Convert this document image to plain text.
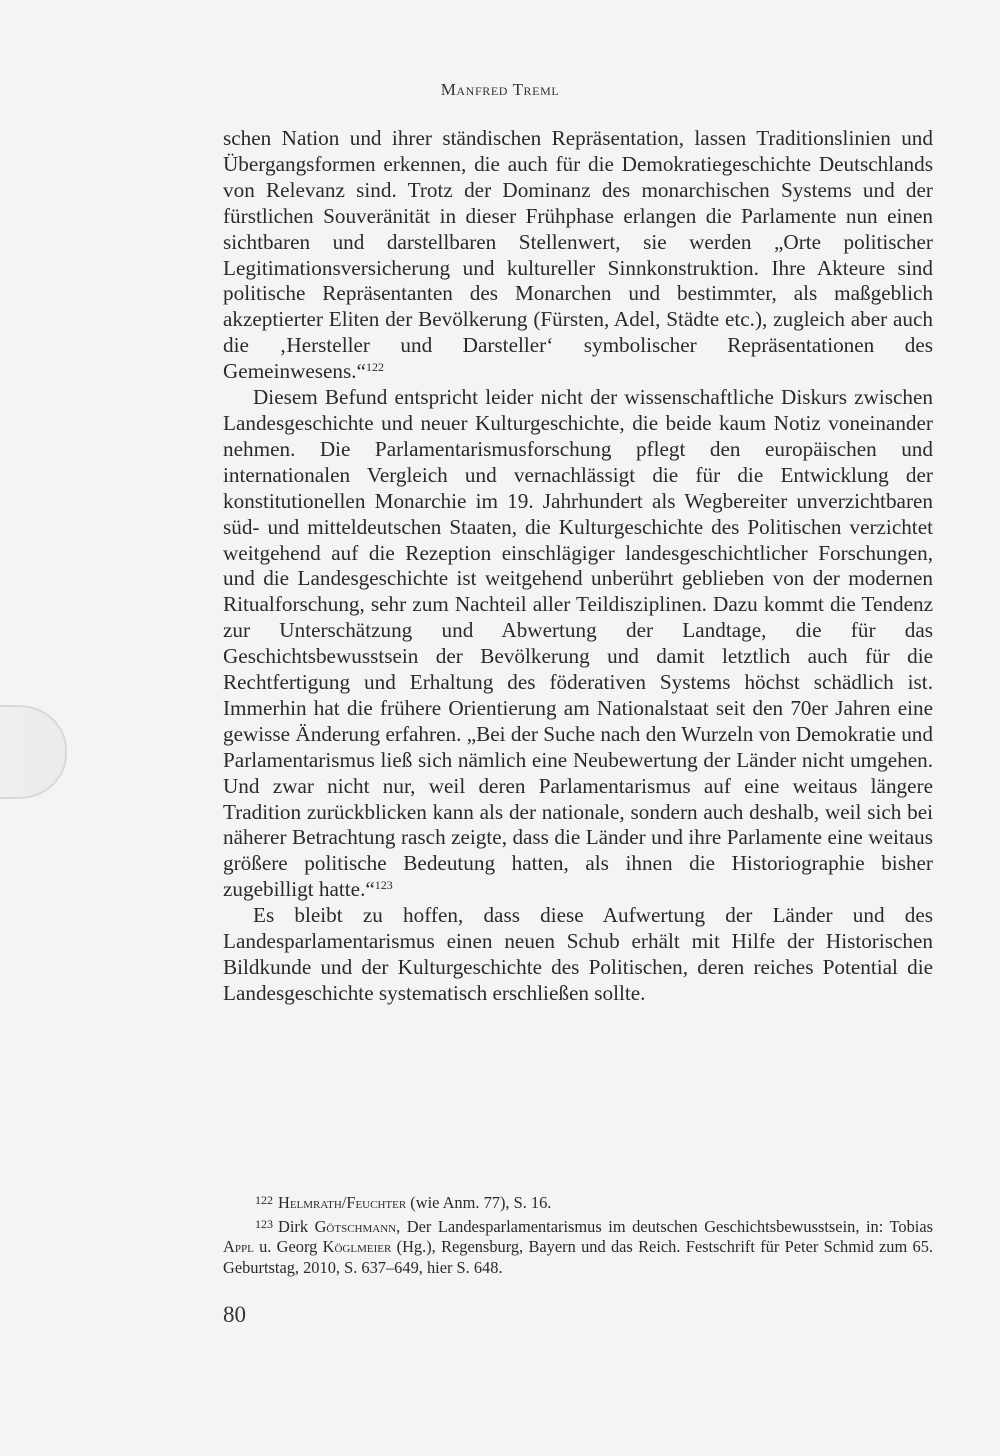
Manfred Treml

schen Nation und ihrer ständischen Repräsentation, lassen Traditionslinien und Übergangsformen erkennen, die auch für die Demokratiegeschichte Deutschlands von Relevanz sind. Trotz der Dominanz des monarchischen Systems und der fürstlichen Souveränität in dieser Frühphase erlangen die Parlamente nun einen sichtbaren und darstellbaren Stellenwert, sie werden „Orte politischer Legitimationsversicherung und kultureller Sinnkonstruktion. Ihre Akteure sind politische Repräsentanten des Monarchen und bestimmter, als maßgeblich akzeptierter Eliten der Bevölkerung (Fürsten, Adel, Städte etc.), zugleich aber auch die ‚Hersteller und Darsteller‘ symbolischer Repräsentationen des Gemeinwesens.“$^{122}$

Diesem Befund entspricht leider nicht der wissenschaftliche Diskurs zwischen Landesgeschichte und neuer Kulturgeschichte, die beide kaum Notiz voneinander nehmen. Die Parlamentarismusforschung pflegt den europäischen und internationalen Vergleich und vernachlässigt die für die Entwicklung der konstitutionellen Monarchie im 19. Jahrhundert als Wegbereiter unverzichtbaren süd- und mitteldeutschen Staaten, die Kulturgeschichte des Politischen verzichtet weitgehend auf die Rezeption einschlägiger landesgeschichtlicher Forschungen, und die Landesgeschichte ist weitgehend unberührt geblieben von der modernen Ritualforschung, sehr zum Nachteil aller Teildisziplinen. Dazu kommt die Tendenz zur Unterschätzung und Abwertung der Landtage, die für das Geschichtsbewusstsein der Bevölkerung und damit letztlich auch für die Rechtfertigung und Erhaltung des föderativen Systems höchst schädlich ist. Immerhin hat die frühere Orientierung am Nationalstaat seit den 70er Jahren eine gewisse Änderung erfahren. „Bei der Suche nach den Wurzeln von Demokratie und Parlamentarismus ließ sich nämlich eine Neubewertung der Länder nicht umgehen. Und zwar nicht nur, weil deren Parlamentarismus auf eine weitaus längere Tradition zurückblicken kann als der nationale, sondern auch deshalb, weil sich bei näherer Betrachtung rasch zeigte, dass die Länder und ihre Parlamente eine weitaus größere politische Bedeutung hatten, als ihnen die Historiographie bisher zugebilligt hatte.“$^{123}$

Es bleibt zu hoffen, dass diese Aufwertung der Länder und des Landesparlamentarismus einen neuen Schub erhält mit Hilfe der Historischen Bildkunde und der Kulturgeschichte des Politischen, deren reiches Potential die Landesgeschichte systematisch erschließen sollte.

$^{122}$ Helmrath/Feuchter (wie Anm. 77), S. 16.

$^{123}$ Dirk Götschmann, Der Landesparlamentarismus im deutschen Geschichtsbewusstsein, in: Tobias Appl u. Georg Köglmeier (Hg.), Regensburg, Bayern und das Reich. Festschrift für Peter Schmid zum 65. Geburtstag, 2010, S. 637–649, hier S. 648.

80
